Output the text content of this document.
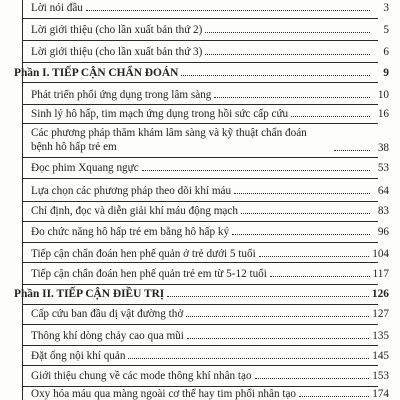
Lời nói đầu	3
Lời giới thiệu (cho lần xuất bản thứ 2)	5
Lời giới thiệu (cho lần xuất bản thứ 3)	6
Phần I. TIẾP CẬN CHẨN ĐOÁN	9
Phát triển phổi ứng dụng trong lâm sàng	10
Sinh lý hô hấp, tim mạch ứng dụng trong hồi sức cấp cứu	16
Các phương pháp thăm khám lâm sàng và kỹ thuật chẩn đoán bệnh hô hấp trẻ em	38
Đọc phim Xquang ngực	53
Lựa chọn các phương pháp theo dõi khí máu	64
Chỉ định, đọc và diễn giải khí máu động mạch	83
Đo chức năng hô hấp trẻ em bằng hô hấp ký	96
Tiếp cận chẩn đoán hen phế quản ở trẻ dưới 5 tuổi	104
Tiếp cận chẩn đoán hen phế quản trẻ em từ 5-12 tuổi	117
Phần II. TIẾP CẬN ĐIỀU TRỊ	126
Cấp cứu ban đầu dị vật đường thở	127
Thông khí dòng chảy cao qua mũi	135
Đặt ống nội khí quản	145
Giới thiệu chung về các mode thông khí nhân tạo	153
Oxy hóa máu qua màng ngoài cơ thể hay tim phổi nhân tạo	174
